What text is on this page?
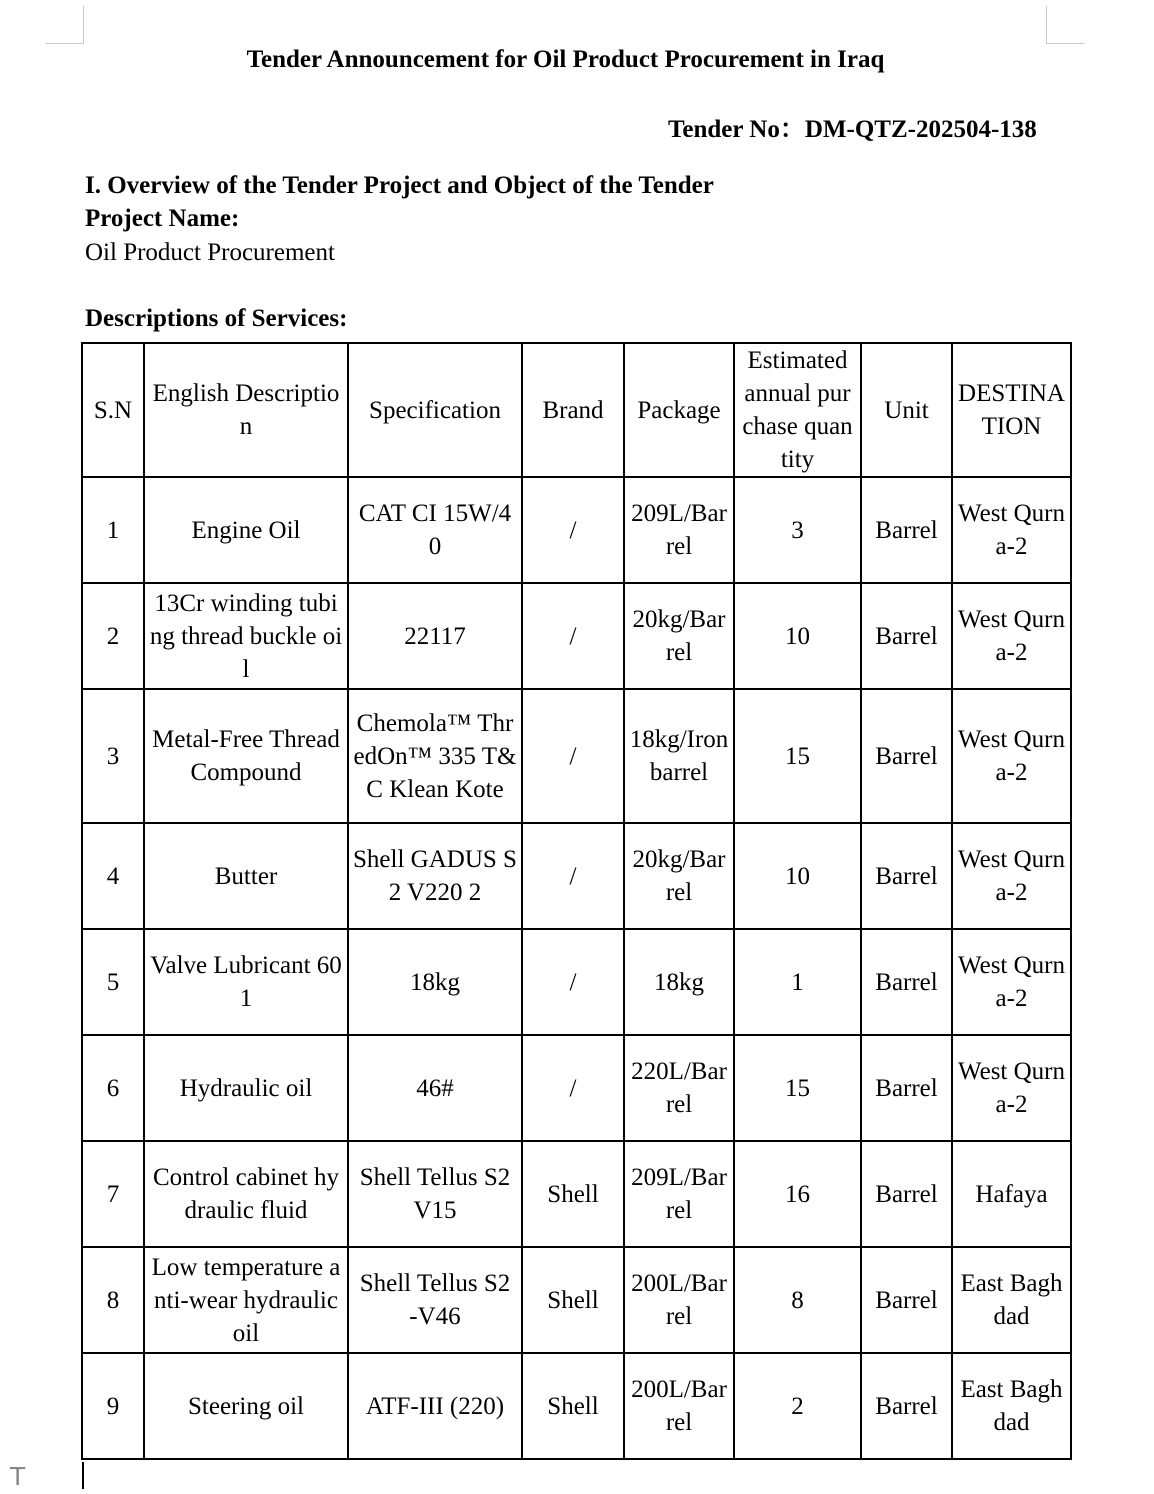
Tender Announcement for Oil Product Procurement in Iraq
Tender No：DM-QTZ-202504-138
I. Overview of the Tender Project and Object of the Tender
Project Name:
Oil Product Procurement
Descriptions of Services:
S.N	English Description	Specification	Brand	Package	Estimated annual purchase quantity	Unit	DESTINATION
1	Engine Oil	CAT CI 15W/40	/	209L/Barrel	3	Barrel	West Qurna-2
2	13Cr winding tubing thread buckle oil	22117	/	20kg/Barrel	10	Barrel	West Qurna-2
3	Metal-Free Thread Compound	Chemola™ ThredOn™ 335 T&C Klean Kote	/	18kg/Iron barrel	15	Barrel	West Qurna-2
4	Butter	Shell GADUS S2 V220 2	/	20kg/Barrel	10	Barrel	West Qurna-2
5	Valve Lubricant 601	18kg	/	18kg	1	Barrel	West Qurna-2
6	Hydraulic oil	46#	/	220L/Barrel	15	Barrel	West Qurna-2
7	Control cabinet hydraulic fluid	Shell Tellus S2V15	Shell	209L/Barrel	16	Barrel	Hafaya
8	Low temperature anti-wear hydraulic oil	Shell Tellus S2 -V46	Shell	200L/Barrel	8	Barrel	East Baghdad
9	Steering oil	ATF-III (220)	Shell	200L/Barrel	2	Barrel	East Baghdad
T
